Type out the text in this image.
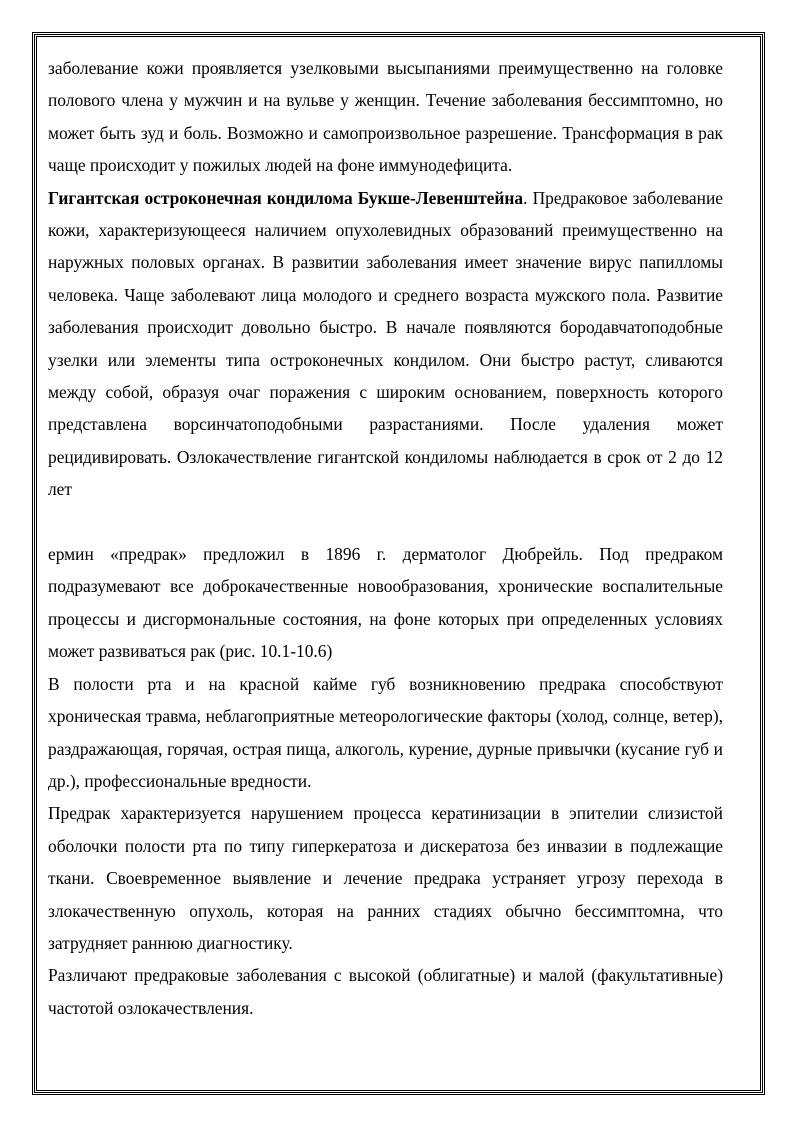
заболевание кожи проявляется узелковыми высыпаниями преимущественно на головке полового члена у мужчин и на вульве у женщин. Течение заболевания бессимптомно, но может быть зуд и боль. Возможно и самопроизвольное разрешение. Трансформация в рак чаще происходит у пожилых людей на фоне иммунодефицита.

Гигантская остроконечная кондилома Букше-Левенштейна. Предраковое заболевание кожи, характеризующееся наличием опухолевидных образований преимущественно на наружных половых органах. В развитии заболевания имеет значение вирус папилломы человека. Чаще заболевают лица молодого и среднего возраста мужского пола. Развитие заболевания происходит довольно быстро. В начале появляются бородавчатоподобные узелки или элементы типа остроконечных кондилом. Они быстро растут, сливаются между собой, образуя очаг поражения с широким основанием, поверхность которого представлена ворсинчатоподобными разрастаниями. После удаления может рецидивировать. Озлокачествление гигантской кондиломы наблюдается в срок от 2 до 12 лет

ермин «предрак» предложил в 1896 г. дерматолог Дюбрейль. Под предраком подразумевают все доброкачественные новообразования, хронические воспалительные процессы и дисгормональные состояния, на фоне которых при определенных условиях может развиваться рак (рис. 10.1-10.6)

В полости рта и на красной кайме губ возникновению предрака способствуют хроническая травма, неблагоприятные метеорологические факторы (холод, солнце, ветер), раздражающая, горячая, острая пища, алкоголь, курение, дурные привычки (кусание губ и др.), профессиональные вредности.

Предрак характеризуется нарушением процесса кератинизации в эпителии слизистой оболочки полости рта по типу гиперкератоза и дискератоза без инвазии в подлежащие ткани. Своевременное выявление и лечение предрака устраняет угрозу перехода в злокачественную опухоль, которая на ранних стадиях обычно бессимптомна, что затрудняет раннюю диагностику.

Различают предраковые заболевания с высокой (облигатные) и малой (факультативные) частотой озлокачествления.
